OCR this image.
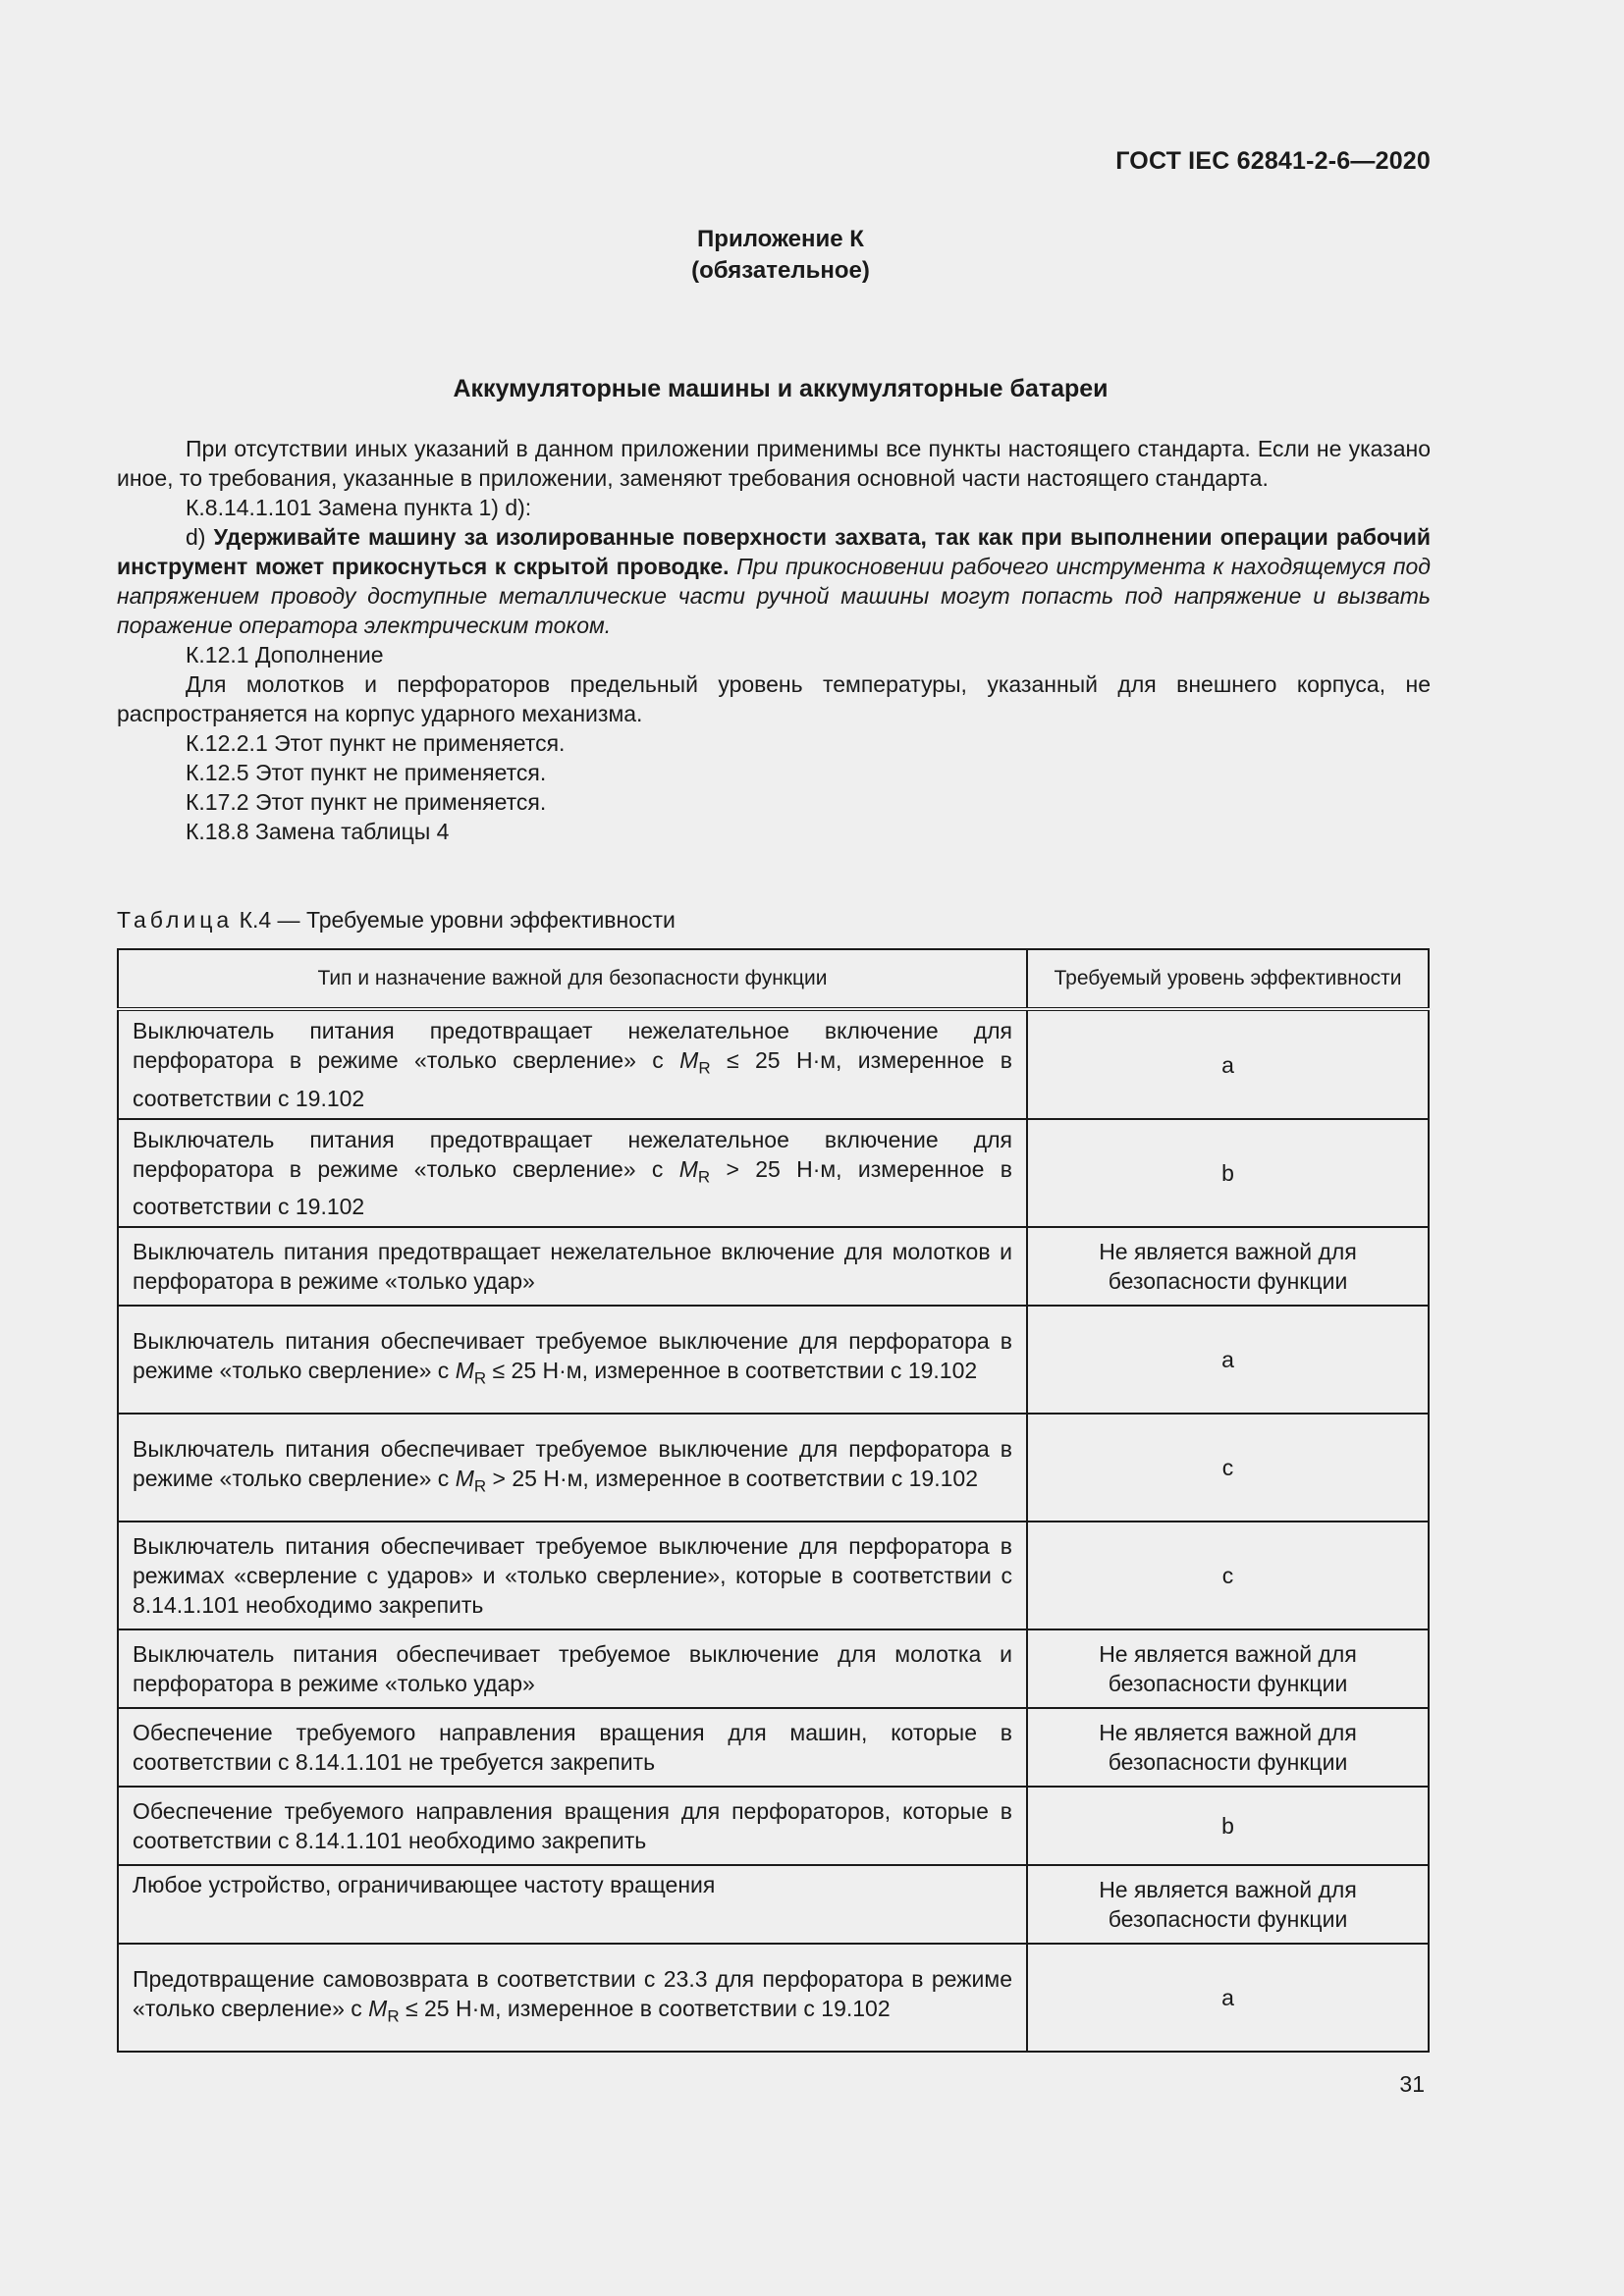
ГОСТ IEC 62841-2-6—2020
Приложение К
(обязательное)
Аккумуляторные машины и аккумуляторные батареи

При отсутствии иных указаний в данном приложении применимы все пункты настоящего стандарта. Если не указано иное, то требования, указанные в приложении, заменяют требования основной части настоящего стандарта.

К.8.14.1.101 Замена пункта 1) d):

d) Удерживайте машину за изолированные поверхности захвата, так как при выполнении операции рабочий инструмент может прикоснуться к скрытой проводке. При прикосновении рабочего инструмента к находящемуся под напряжением проводу доступные металлические части ручной машины могут попасть под напряжение и вызвать поражение оператора электрическим током.

К.12.1 Дополнение

Для молотков и перфораторов предельный уровень температуры, указанный для внешнего корпуса, не распространяется на корпус ударного механизма.

К.12.2.1 Этот пункт не применяется.

К.12.5 Этот пункт не применяется.

К.17.2 Этот пункт не применяется.

К.18.8 Замена таблицы 4

Таблица К.4 — Требуемые уровни эффективности
Тип и назначение важной для безопасности функции	Требуемый уровень эффективности
Выключатель питания предотвращает нежелательное включение для перфоратора в режиме «только сверление» с $M_R \le 25$ Н·м, измеренное в соответствии с 19.102	a
Выключатель питания предотвращает нежелательное включение для перфоратора в режиме «только сверление» с $M_R > 25$ Н·м, измеренное в соответствии с 19.102	b
Выключатель питания предотвращает нежелательное включение для молотков и перфоратора в режиме «только удар»	Не является важной для безопасности функции
Выключатель питания обеспечивает требуемое выключение для перфоратора в режиме «только сверление» с $M_R \le 25$ Н·м, измеренное в соответствии с 19.102	a
Выключатель питания обеспечивает требуемое выключение для перфоратора в режиме «только сверление» с $M_R > 25$ Н·м, измеренное в соответствии с 19.102	c
Выключатель питания обеспечивает требуемое выключение для перфоратора в режимах «сверление с ударов» и «только сверление», которые в соответствии с 8.14.1.101 необходимо закрепить	c
Выключатель питания обеспечивает требуемое выключение для молотка и перфоратора в режиме «только удар»	Не является важной для безопасности функции
Обеспечение требуемого направления вращения для машин, которые в соответствии с 8.14.1.101 не требуется закрепить	Не является важной для безопасности функции
Обеспечение требуемого направления вращения для перфораторов, которые в соответствии с 8.14.1.101 необходимо закрепить	b
Любое устройство, ограничивающее частоту вращения	Не является важной для безопасности функции
Предотвращение самовозврата в соответствии с 23.3 для перфоратора в режиме «только сверление» с $M_R \le 25$ Н·м, измеренное в соответствии с 19.102	a
31
